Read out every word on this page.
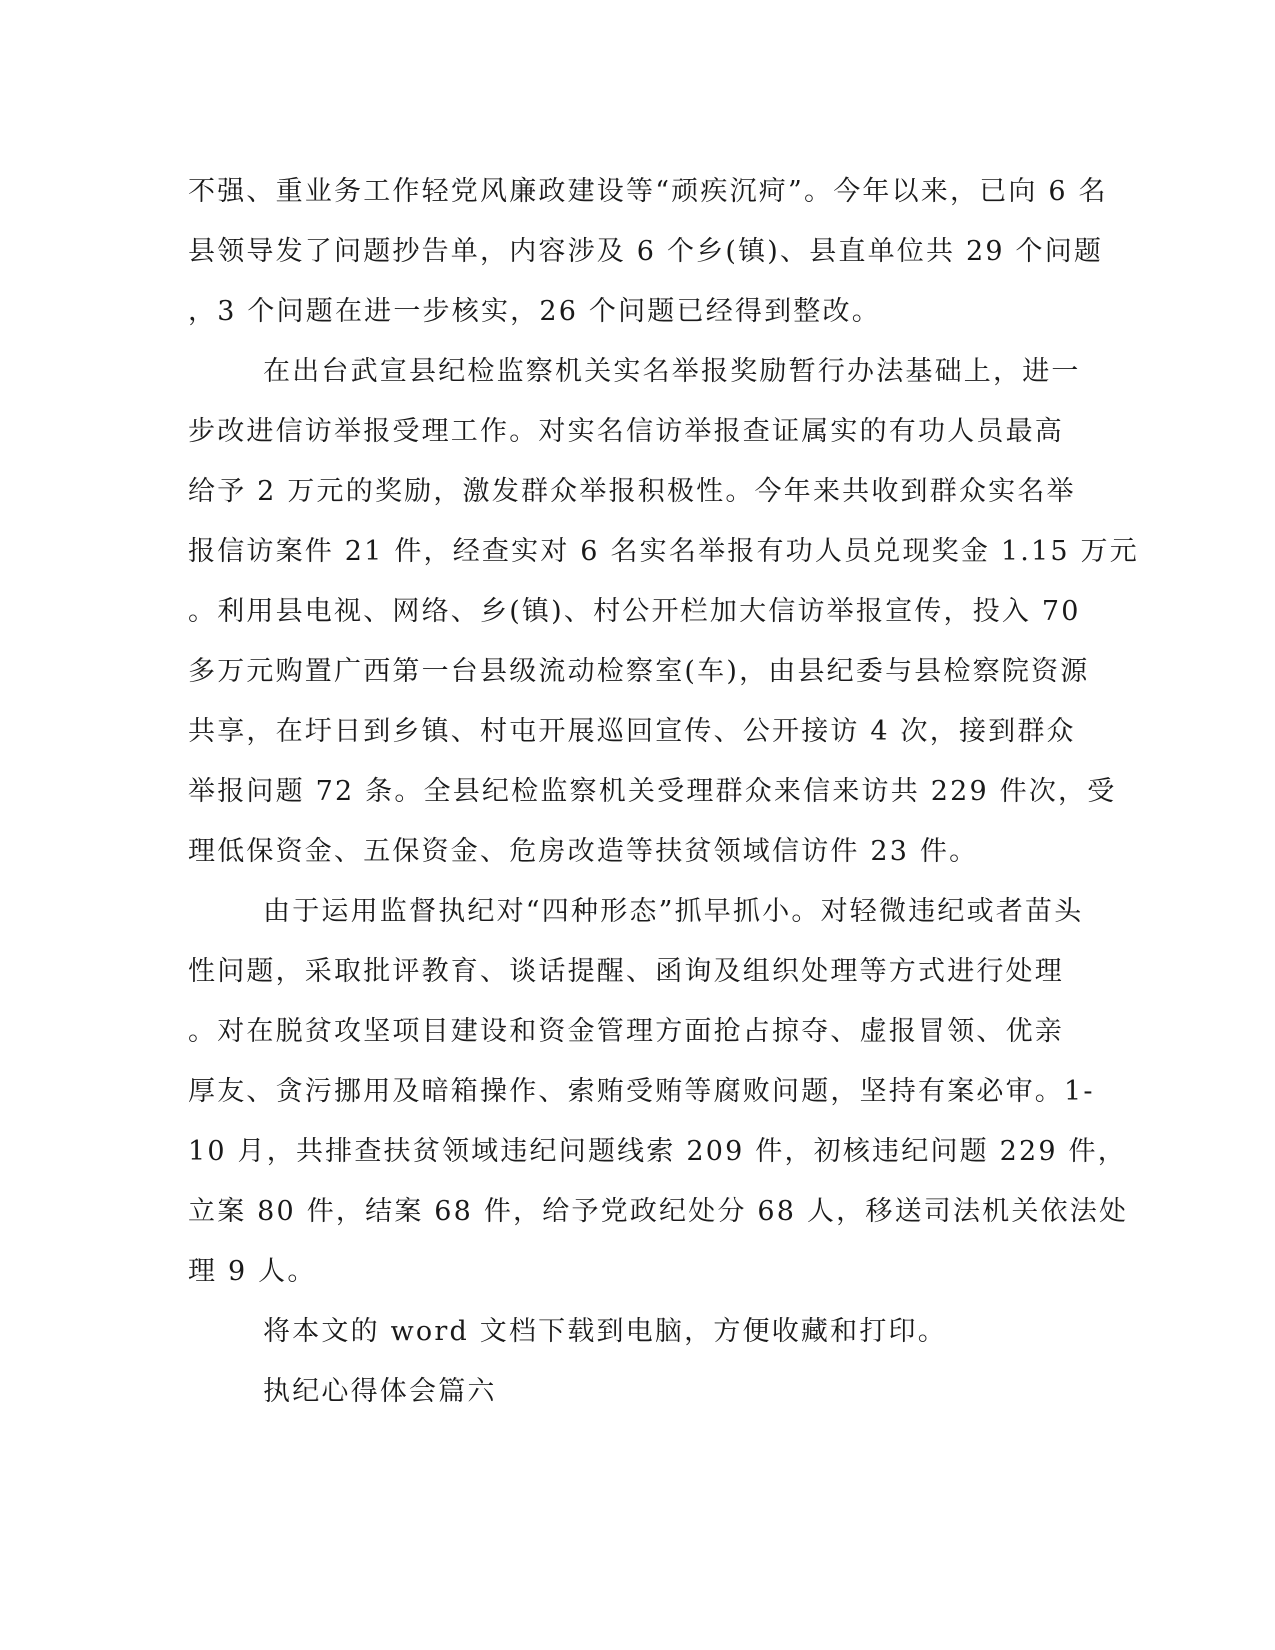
不强、重业务工作轻党风廉政建设等“顽疾沉疴”。今年以来，已向 6 名
县领导发了问题抄告单，内容涉及 6 个乡(镇)、县直单位共 29 个问题
，3 个问题在进一步核实，26 个问题已经得到整改。
在出台武宣县纪检监察机关实名举报奖励暂行办法基础上，进一
步改进信访举报受理工作。对实名信访举报查证属实的有功人员最高
给予 2 万元的奖励，激发群众举报积极性。今年来共收到群众实名举
报信访案件 21 件，经查实对 6 名实名举报有功人员兑现奖金 1.15 万元
。利用县电视、网络、乡(镇)、村公开栏加大信访举报宣传，投入 70
多万元购置广西第一台县级流动检察室(车)，由县纪委与县检察院资源
共享，在圩日到乡镇、村屯开展巡回宣传、公开接访 4 次，接到群众
举报问题 72 条。全县纪检监察机关受理群众来信来访共 229 件次，受
理低保资金、五保资金、危房改造等扶贫领域信访件 23 件。
由于运用监督执纪对“四种形态”抓早抓小。对轻微违纪或者苗头
性问题，采取批评教育、谈话提醒、函询及组织处理等方式进行处理
。对在脱贫攻坚项目建设和资金管理方面抢占掠夺、虚报冒领、优亲
厚友、贪污挪用及暗箱操作、索贿受贿等腐败问题，坚持有案必审。1-
10 月，共排查扶贫领域违纪问题线索 209 件，初核违纪问题 229 件，
立案 80 件，结案 68 件，给予党政纪处分 68 人，移送司法机关依法处
理 9 人。
将本文的 word 文档下载到电脑，方便收藏和打印。
执纪心得体会篇六
